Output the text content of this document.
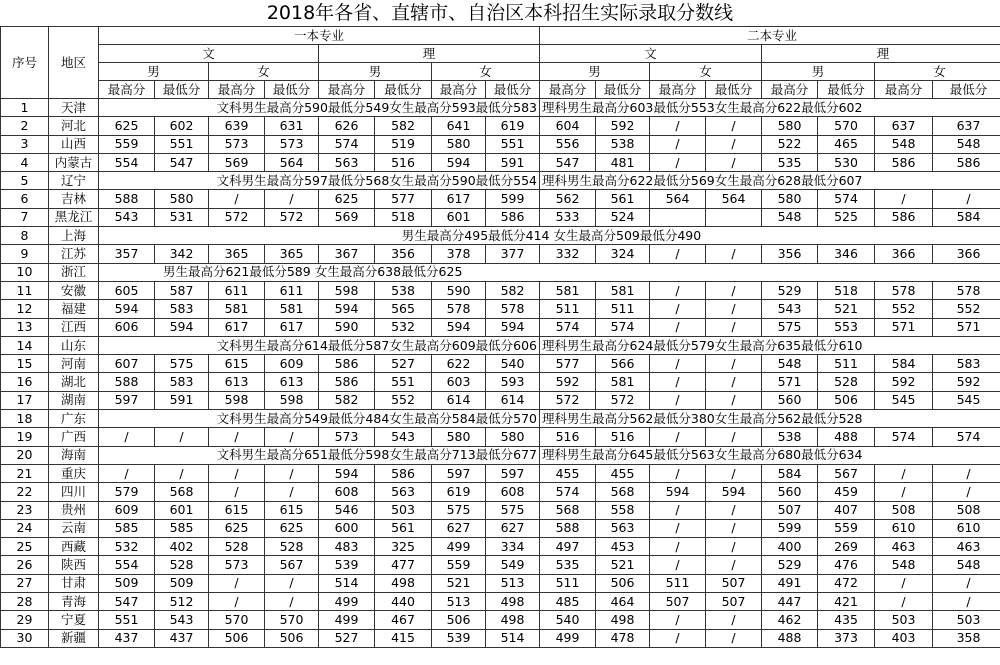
2018年各省、直辖市、自治区本科招生实际录取分数线
序号	地区	一本专业								二本专业							
		文				理				文				理			
		男		女		男		女		男		女		男		女	
		最高分	最低分	最高分	最低分	最高分	最低分	最高分	最低分	最高分	最低分	最高分	最低分	最高分	最低分	最高分	最低分
1	天津	文科男生最高分590最低分549女生最高分593最低分583								理科男生最高分603最低分553女生最高分622最低分602							
2	河北	625	602	639	631	626	582	641	619	604	592	/	/	580	570	637	637
3	山西	559	551	573	573	574	519	580	551	556	538	/	/	522	465	548	548
4	内蒙古	554	547	569	564	563	516	594	591	547	481	/	/	535	530	586	586
5	辽宁	文科男生最高分597最低分568女生最高分590最低分554								理科男生最高分622最低分569女生最高分628最低分607							
6	吉林	588	580	/	/	625	577	617	599	562	561	564	564	580	574	/	/
7	黑龙江	543	531	572	572	569	518	601	586	533	524			548	525	586	584
8	上海	男生最高分495最低分414 女生最高分509最低分490															
9	江苏	357	342	365	365	367	356	378	377	332	324	/	/	356	346	366	366
10	浙江	男生最高分621最低分589 女生最高分638最低分625															
11	安徽	605	587	611	611	598	538	590	582	581	581	/	/	529	518	578	578
12	福建	594	583	581	581	594	565	578	578	511	511	/	/	543	521	552	552
13	江西	606	594	617	617	590	532	594	594	574	574	/	/	575	553	571	571
14	山东	文科男生最高分614最低分587女生最高分609最低分606								理科男生最高分624最低分579女生最高分635最低分610							
15	河南	607	575	615	609	586	527	622	540	577	566	/	/	548	511	584	583
16	湖北	588	583	613	613	586	551	603	593	592	581	/	/	571	528	592	592
17	湖南	597	591	598	598	582	552	614	614	572	572	/	/	560	506	545	545
18	广东	文科男生最高分549最低分484女生最高分584最低分570								理科男生最高分562最低分380女生最高分562最低分528							
19	广西	/	/	/	/	573	543	580	580	516	516	/	/	538	488	574	574
20	海南	文科男生最高分651最低分598女生最高分713最低分677								理科男生最高分645最低分563女生最高分680最低分634							
21	重庆	/	/	/	/	594	586	597	597	455	455	/	/	584	567	/	/
22	四川	579	568	/	/	608	563	619	608	574	568	594	594	560	459	/	/
23	贵州	609	601	615	615	546	503	575	575	568	558	/	/	507	407	508	508
24	云南	585	585	625	625	600	561	627	627	588	563	/	/	599	559	610	610
25	西藏	532	402	528	528	483	325	499	334	497	453	/	/	400	269	463	463
26	陕西	554	528	573	567	539	477	559	549	535	521	/	/	529	476	548	548
27	甘肃	509	509	/	/	514	498	521	513	511	506	511	507	491	472	/	/
28	青海	547	512	/	/	499	440	513	498	485	464	507	507	447	421	/	/
29	宁夏	551	543	570	570	499	467	506	498	540	498	/	/	462	435	503	503
30	新疆	437	437	506	506	527	415	539	514	499	478	/	/	488	373	403	358
